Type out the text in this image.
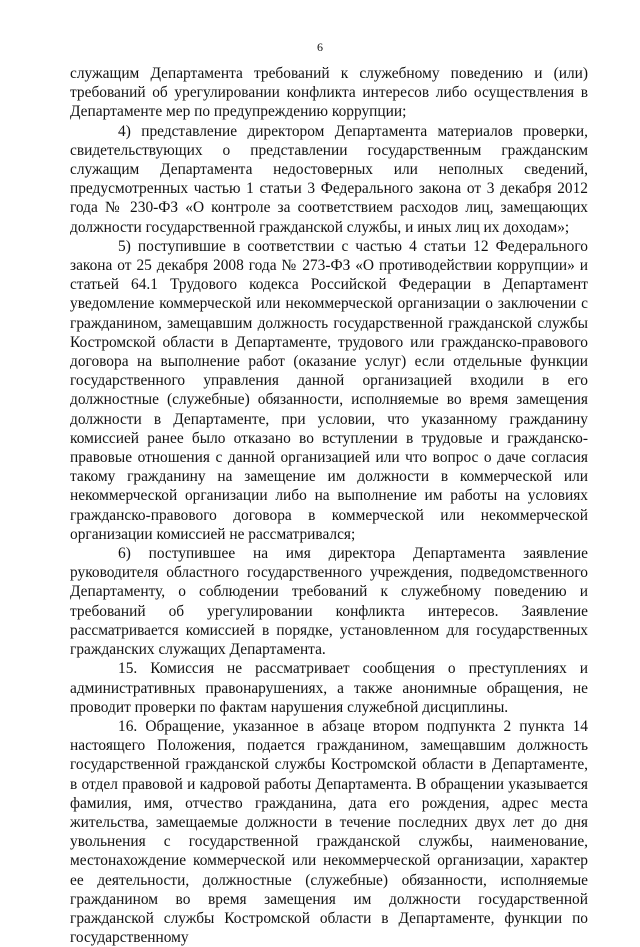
6

служащим Департамента требований к служебному поведению и (или) требований об урегулировании конфликта интересов либо осуществления в Департаменте мер по предупреждению коррупции;

4) представление директором Департамента материалов проверки, свидетельствующих о представлении государственным гражданским служащим Департамента недостоверных или неполных сведений, предусмотренных частью 1 статьи 3 Федерального закона от 3 декабря 2012 года № 230-ФЗ «О контроле за соответствием расходов лиц, замещающих должности государственной гражданской службы, и иных лиц их доходам»;

5) поступившие в соответствии с частью 4 статьи 12 Федерального закона от 25 декабря 2008 года № 273-ФЗ «О противодействии коррупции» и статьей 64.1 Трудового кодекса Российской Федерации в Департамент уведомление коммерческой или некоммерческой организации о заключении с гражданином, замещавшим должность государственной гражданской службы Костромской области в Департаменте, трудового или гражданско-правового договора на выполнение работ (оказание услуг) если отдельные функции государственного управления данной организацией входили в его должностные (служебные) обязанности, исполняемые во время замещения должности в Департаменте, при условии, что указанному гражданину комиссией ранее было отказано во вступлении в трудовые и гражданско-правовые отношения с данной организацией или что вопрос о даче согласия такому гражданину на замещение им должности в коммерческой или некоммерческой организации либо на выполнение им работы на условиях гражданско-правового договора в коммерческой или некоммерческой организации комиссией не рассматривался;

6) поступившее на имя директора Департамента заявление руководителя областного государственного учреждения, подведомственного Департаменту, о соблюдении требований к служебному поведению и требований об урегулировании конфликта интересов. Заявление рассматривается комиссией в порядке, установленном для государственных гражданских служащих Департамента.

15. Комиссия не рассматривает сообщения о преступлениях и административных правонарушениях, а также анонимные обращения, не проводит проверки по фактам нарушения служебной дисциплины.

16. Обращение, указанное в абзаце втором подпункта 2 пункта 14 настоящего Положения, подается гражданином, замещавшим должность государственной гражданской службы Костромской области в Департаменте, в отдел правовой и кадровой работы Департамента. В обращении указывается фамилия, имя, отчество гражданина, дата его рождения, адрес места жительства, замещаемые должности в течение последних двух лет до дня увольнения с государственной гражданской службы, наименование, местонахождение коммерческой или некоммерческой организации, характер ее деятельности, должностные (служебные) обязанности, исполняемые гражданином во время замещения им должности государственной гражданской службы Костромской области в Департаменте, функции по государственному
